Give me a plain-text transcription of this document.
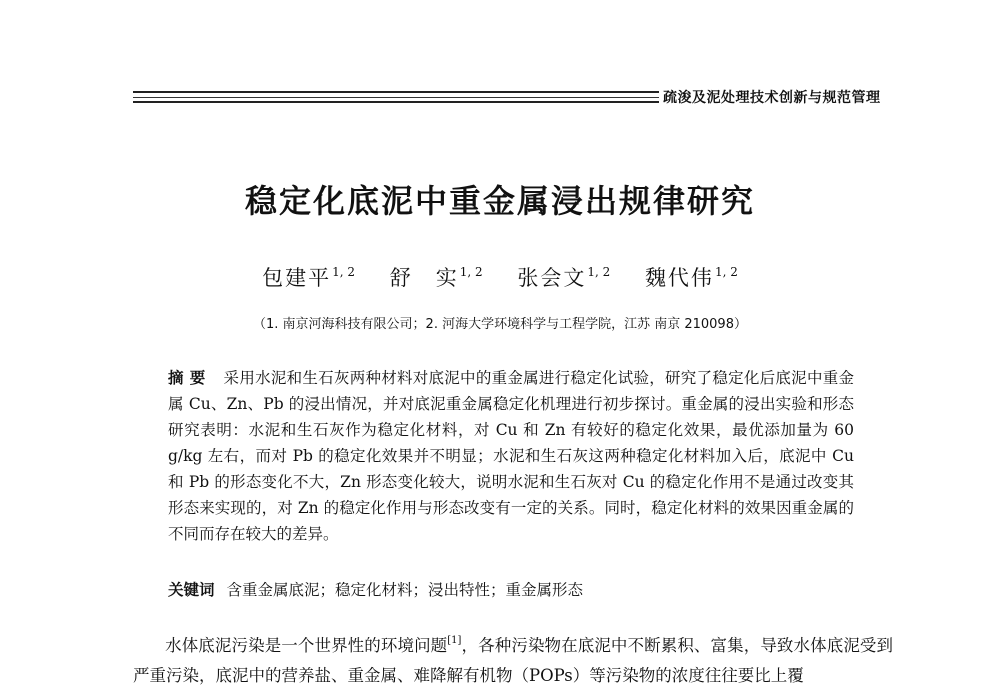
疏浚及泥处理技术创新与规范管理
稳定化底泥中重金属浸出规律研究
包建平$^{1, 2}$ 舒　实$^{1, 2}$ 张会文$^{1, 2}$ 魏代伟$^{1, 2}$
（1. 南京河海科技有限公司；2. 河海大学环境科学与工程学院，江苏 南京 210098）
摘要 采用水泥和生石灰两种材料对底泥中的重金属进行稳定化试验，研究了稳定化后底泥中重金属 Cu、Zn、Pb 的浸出情况，并对底泥重金属稳定化机理进行初步探讨。重金属的浸出实验和形态研究表明：水泥和生石灰作为稳定化材料，对 Cu 和 Zn 有较好的稳定化效果，最优添加量为 60 g/kg 左右，而对 Pb 的稳定化效果并不明显；水泥和生石灰这两种稳定化材料加入后，底泥中 Cu 和 Pb 的形态变化不大，Zn 形态变化较大，说明水泥和生石灰对 Cu 的稳定化作用不是通过改变其形态来实现的，对 Zn 的稳定化作用与形态改变有一定的关系。同时，稳定化材料的效果因重金属的不同而存在较大的差异。
关键词 含重金属底泥；稳定化材料；浸出特性；重金属形态
水体底泥污染是一个世界性的环境问题[1]，各种污染物在底泥中不断累积、富集，导致水体底泥受到严重污染，底泥中的营养盐、重金属、难降解有机物（POPs）等污染物的浓度往往要比上覆
